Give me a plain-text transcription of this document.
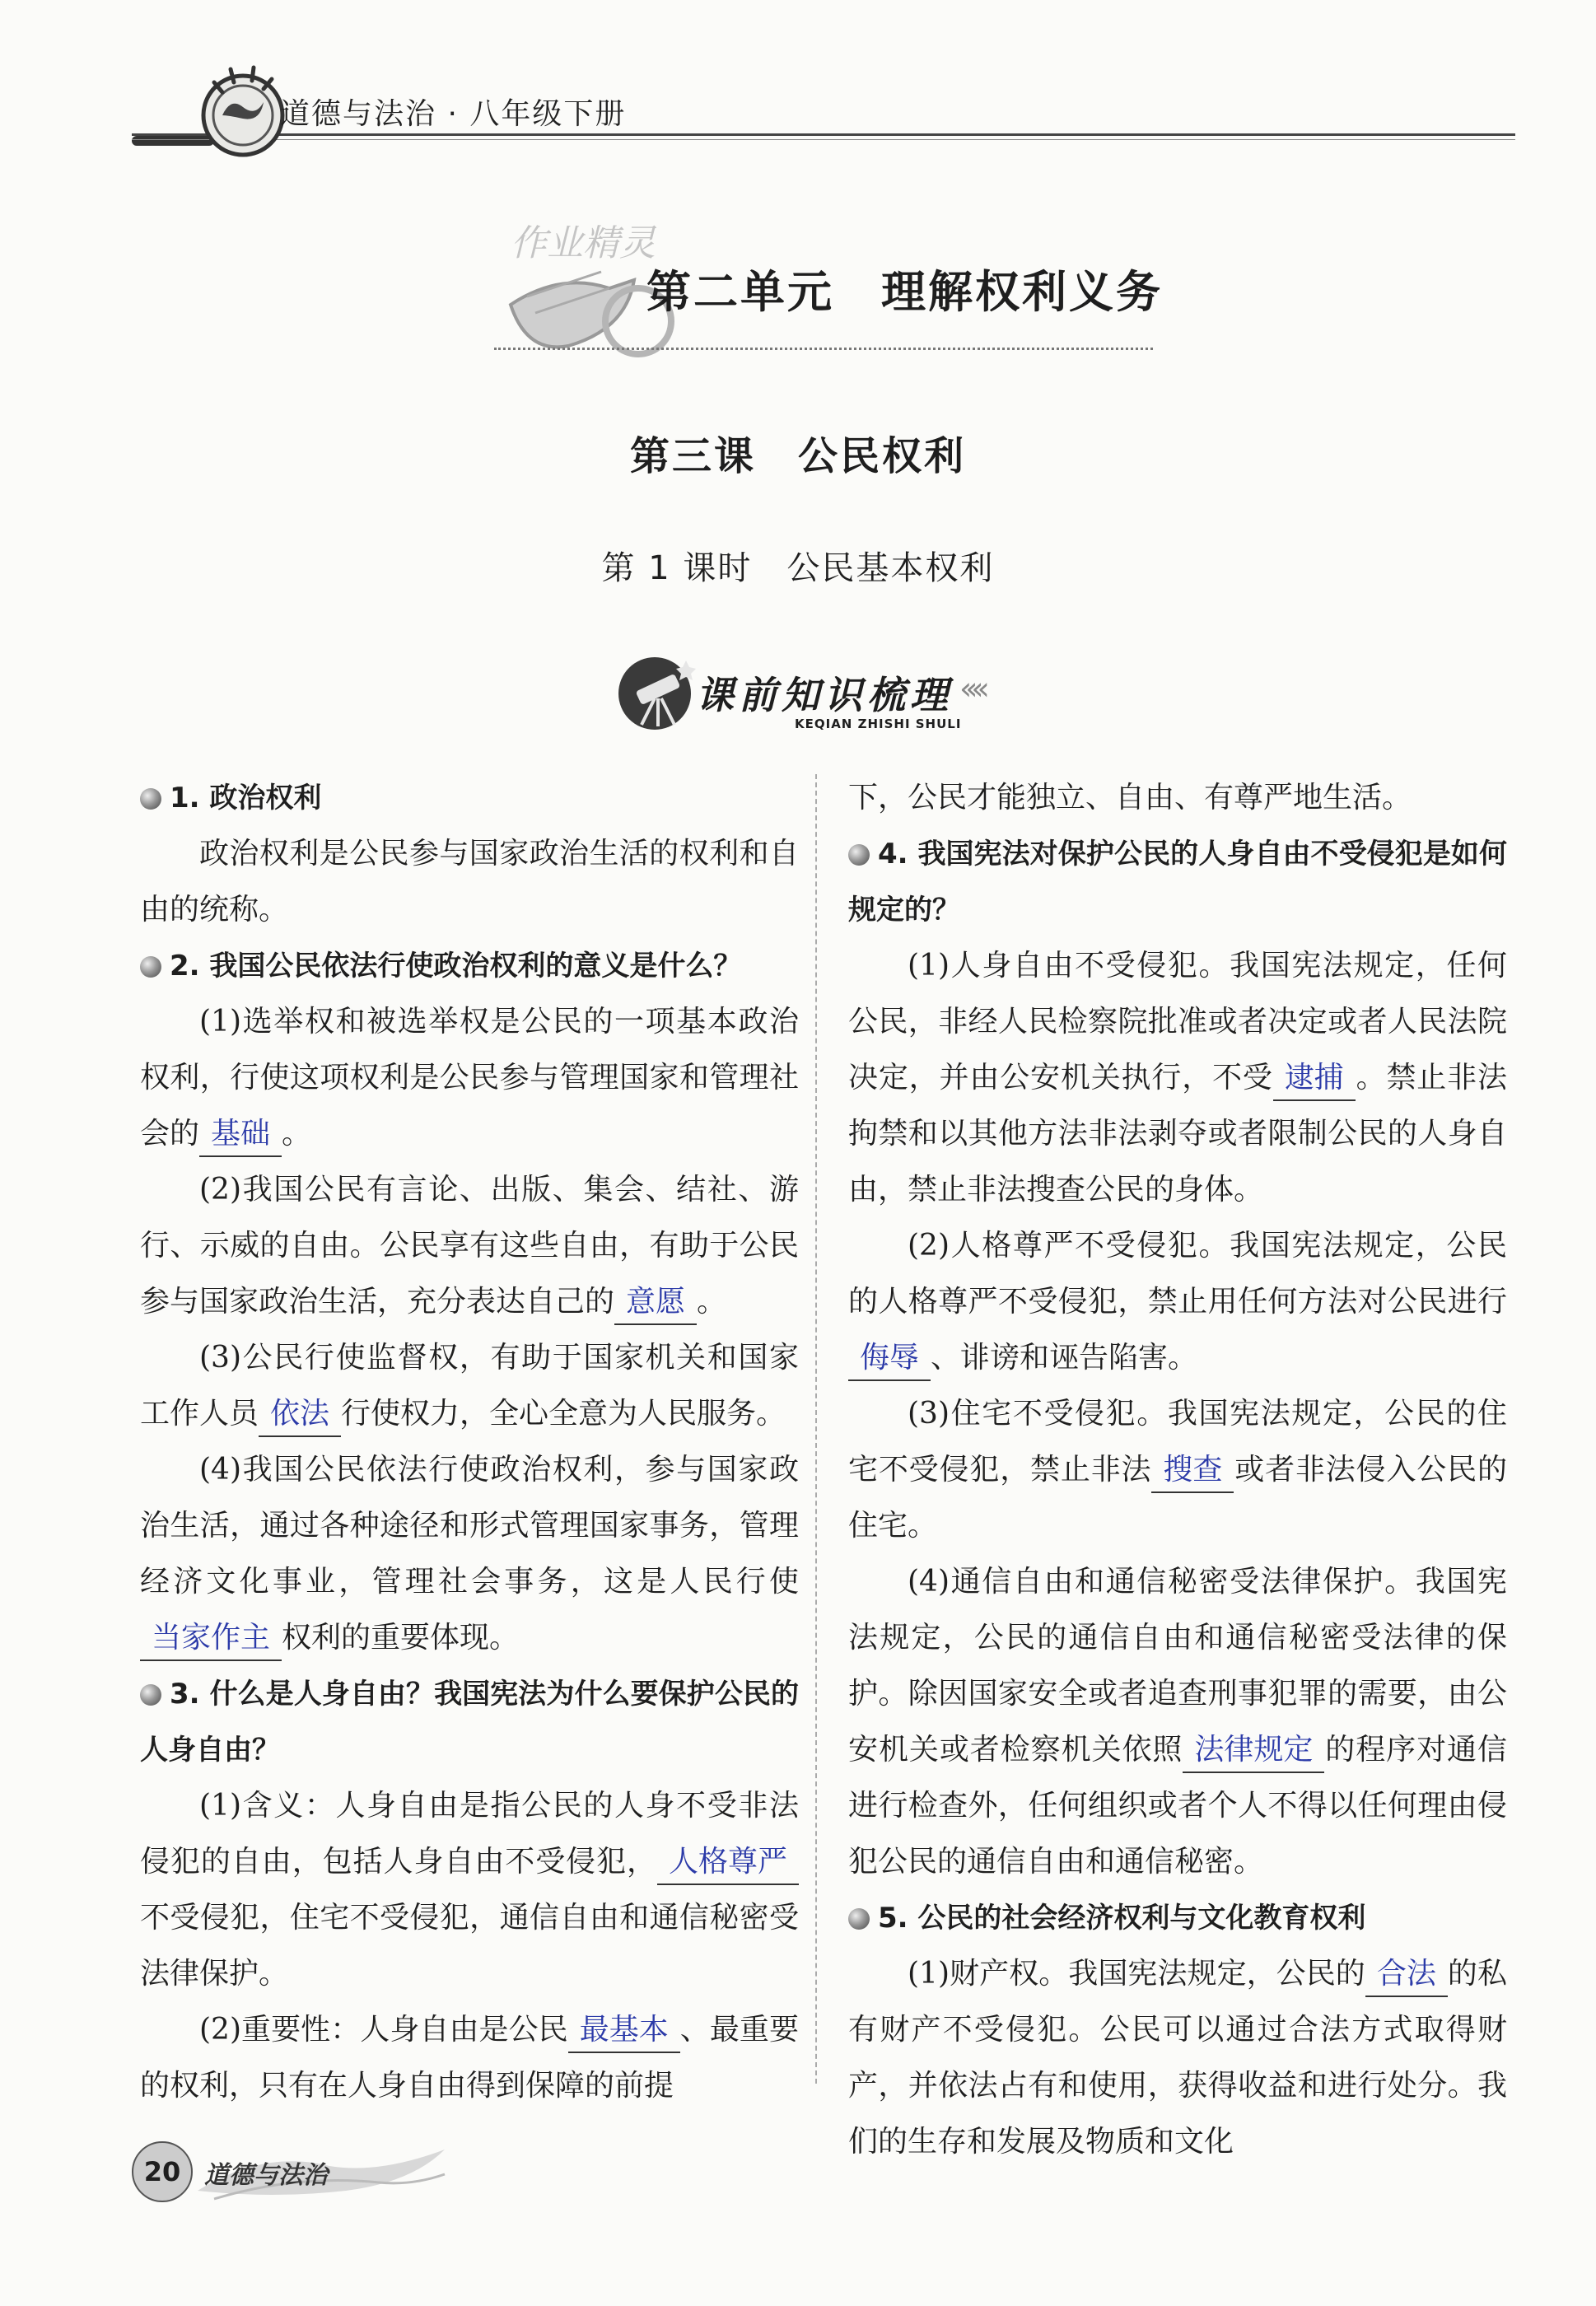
道德与法治 · 八年级下册
作业精灵
第二单元　理解权利义务
第三课　公民权利
第 1 课时　公民基本权利
课前知识梳理 ‹‹‹‹
KEQIAN ZHISHI SHULI

1. 政治权利

政治权利是公民参与国家政治生活的权利和自由的统称。

2. 我国公民依法行使政治权利的意义是什么？

(1)选举权和被选举权是公民的一项基本政治权利，行使这项权利是公民参与管理国家和管理社会的 基础 。

(2)我国公民有言论、出版、集会、结社、游行、示威的自由。公民享有这些自由，有助于公民参与国家政治生活，充分表达自己的 意愿 。

(3)公民行使监督权，有助于国家机关和国家工作人员 依法 行使权力，全心全意为人民服务。

(4)我国公民依法行使政治权利，参与国家政治生活，通过各种途径和形式管理国家事务，管理经济文化事业，管理社会事务，这是人民行使当家作主 权利的重要体现。

3. 什么是人身自由？我国宪法为什么要保护公民的人身自由？

(1)含义：人身自由是指公民的人身不受非法侵犯的自由，包括人身自由不受侵犯， 人格尊严不受侵犯，住宅不受侵犯，通信自由和通信秘密受法律保护。

(2)重要性：人身自由是公民 最基本 、最重要的权利，只有在人身自由得到保障的前提

下，公民才能独立、自由、有尊严地生活。

4. 我国宪法对保护公民的人身自由不受侵犯是如何规定的？

(1)人身自由不受侵犯。我国宪法规定，任何公民，非经人民检察院批准或者决定或者人民法院决定，并由公安机关执行，不受 逮捕 。禁止非法拘禁和以其他方法非法剥夺或者限制公民的人身自由，禁止非法搜查公民的身体。

(2)人格尊严不受侵犯。我国宪法规定，公民的人格尊严不受侵犯，禁止用任何方法对公民进行侮辱 、诽谤和诬告陷害。

(3)住宅不受侵犯。我国宪法规定，公民的住宅不受侵犯，禁止非法 搜查 或者非法侵入公民的住宅。

(4)通信自由和通信秘密受法律保护。我国宪法规定，公民的通信自由和通信秘密受法律的保护。除因国家安全或者追查刑事犯罪的需要，由公安机关或者检察机关依照 法律规定 的程序对通信进行检查外，任何组织或者个人不得以任何理由侵犯公民的通信自由和通信秘密。

5. 公民的社会经济权利与文化教育权利

(1)财产权。我国宪法规定，公民的 合法 的私有财产不受侵犯。公民可以通过合法方式取得财产，并依法占有和使用，获得收益和进行处分。我们的生存和发展及物质和文化

20 道德与法治
